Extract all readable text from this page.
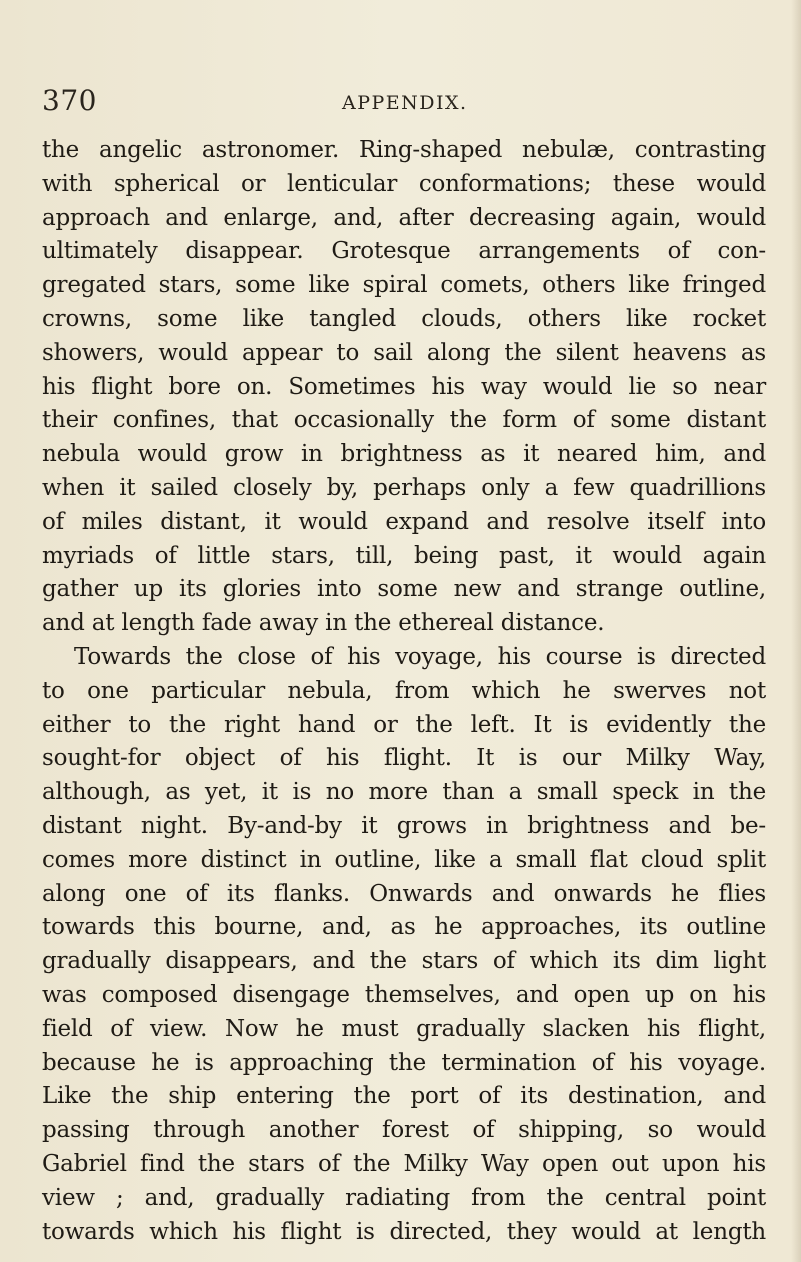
370	APPENDIX.
the angelic astronomer. Ring-shaped nebulæ, contrasting
with spherical or lenticular conformations; these would
approach and enlarge, and, after decreasing again, would
ultimately disappear. Grotesque arrangements of con-
gregated stars, some like spiral comets, others like fringed
crowns, some like tangled clouds, others like rocket
showers, would appear to sail along the silent heavens as
his flight bore on. Sometimes his way would lie so near
their confines, that occasionally the form of some distant
nebula would grow in brightness as it neared him, and
when it sailed closely by, perhaps only a few quadrillions
of miles distant, it would expand and resolve itself into
myriads of little stars, till, being past, it would again
gather up its glories into some new and strange outline,
and at length fade away in the ethereal distance.
Towards the close of his voyage, his course is directed
to one particular nebula, from which he swerves not
either to the right hand or the left. It is evidently the
sought-for object of his flight. It is our Milky Way,
although, as yet, it is no more than a small speck in the
distant night. By-and-by it grows in brightness and be-
comes more distinct in outline, like a small flat cloud split
along one of its flanks. Onwards and onwards he flies
towards this bourne, and, as he approaches, its outline
gradually disappears, and the stars of which its dim light
was composed disengage themselves, and open up on his
field of view. Now he must gradually slacken his flight,
because he is approaching the termination of his voyage.
Like the ship entering the port of its destination, and
passing through another forest of shipping, so would
Gabriel find the stars of the Milky Way open out upon his
view ; and, gradually radiating from the central point
towards which his flight is directed, they would at length
